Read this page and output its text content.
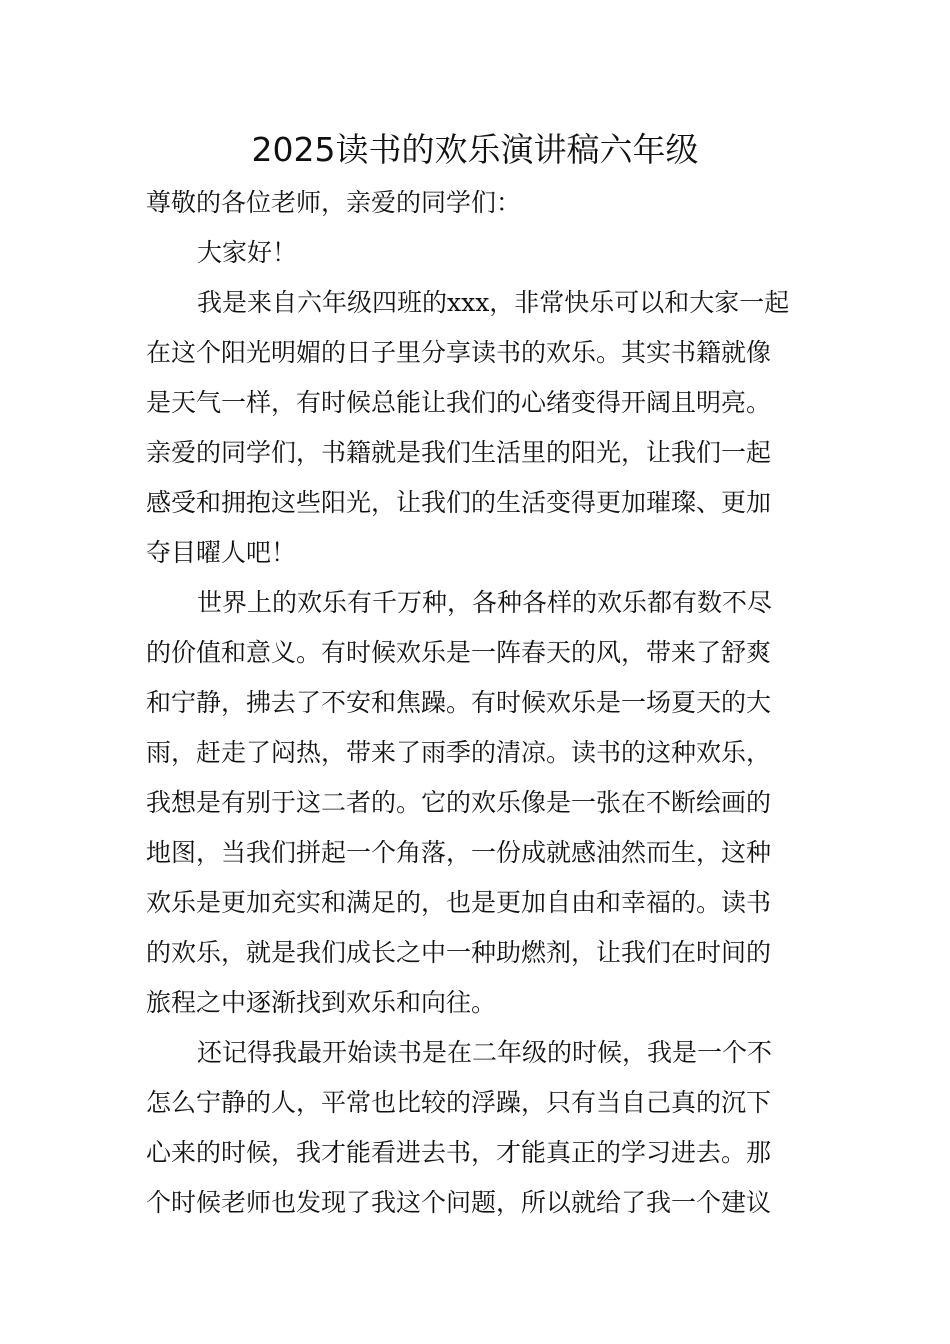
2025读书的欢乐演讲稿六年级
尊敬的各位老师，亲爱的同学们：
大家好！
我是来自六年级四班的xxx，非常快乐可以和大家一起
在这个阳光明媚的日子里分享读书的欢乐。其实书籍就像
是天气一样，有时候总能让我们的心绪变得开阔且明亮。
亲爱的同学们，书籍就是我们生活里的阳光，让我们一起
感受和拥抱这些阳光，让我们的生活变得更加璀璨、更加
夺目曜人吧！
世界上的欢乐有千万种，各种各样的欢乐都有数不尽
的价值和意义。有时候欢乐是一阵春天的风，带来了舒爽
和宁静，拂去了不安和焦躁。有时候欢乐是一场夏天的大
雨，赶走了闷热，带来了雨季的清凉。读书的这种欢乐，
我想是有别于这二者的。它的欢乐像是一张在不断绘画的
地图，当我们拼起一个角落，一份成就感油然而生，这种
欢乐是更加充实和满足的，也是更加自由和幸福的。读书
的欢乐，就是我们成长之中一种助燃剂，让我们在时间的
旅程之中逐渐找到欢乐和向往。
还记得我最开始读书是在二年级的时候，我是一个不
怎么宁静的人，平常也比较的浮躁，只有当自己真的沉下
心来的时候，我才能看进去书，才能真正的学习进去。那
个时候老师也发现了我这个问题，所以就给了我一个建议
